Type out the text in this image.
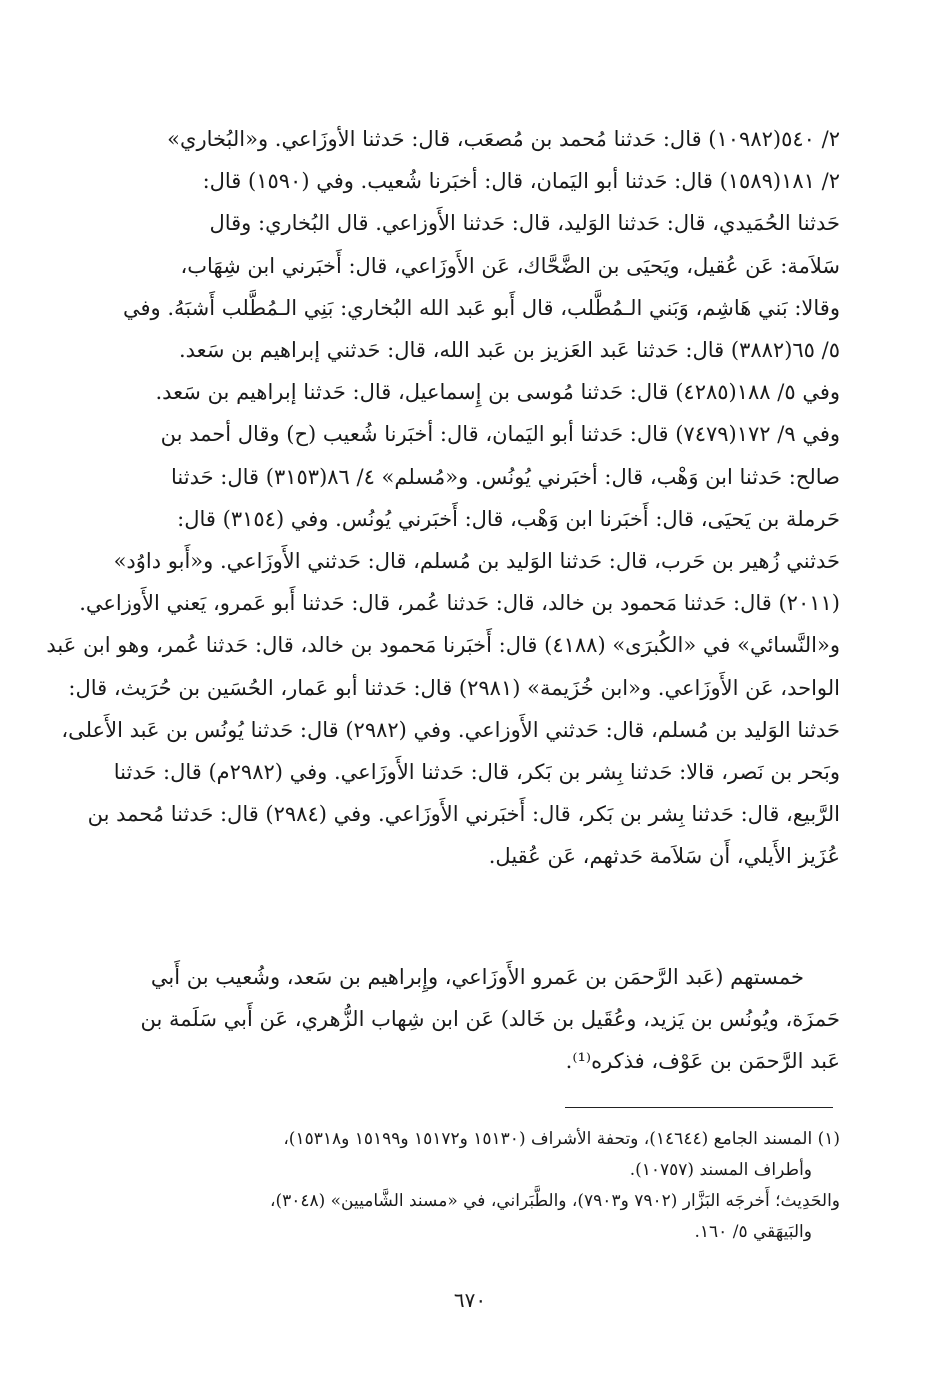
٢/ ٥٤٠(١٠٩٨٢) قال: حَدثنا مُحمد بن مُصعَب، قال: حَدثنا الأوزَاعي. و«البُخاري»
٢/ ١٨١(١٥٨٩) قال: حَدثنا أبو اليَمان، قال: أخبَرنا شُعيب. وفي (١٥٩٠) قال:
حَدثنا الحُمَيدي، قال: حَدثنا الوَليد، قال: حَدثنا الأَوزاعي. قال البُخاري: وقال
سَلاَمة: عَن عُقيل، ويَحيَى بن الضَّحَّاك، عَن الأَوزَاعي، قال: أَخبَرني ابن شِهَاب،
وقالا: بَني هَاشِم، وَبَني الـمُطَّلب، قال أَبو عَبد الله البُخاري: بَنِي الـمُطَّلب أَشبَهُ. وفي
٥/ ٦٥(٣٨٨٢) قال: حَدثنا عَبد العَزيز بن عَبد الله، قال: حَدثني إبراهيم بن سَعد.
وفي ٥/ ١٨٨(٤٢٨٥) قال: حَدثنا مُوسى بن إِسماعيل، قال: حَدثنا إبراهيم بن سَعد.
وفي ٩/ ١٧٢(٧٤٧٩) قال: حَدثنا أبو اليَمان، قال: أخبَرنا شُعيب (ح) وقال أحمد بن
صالح: حَدثنا ابن وَهْب، قال: أخبَرني يُونُس. و«مُسلم» ٤/ ٨٦(٣١٥٣) قال: حَدثنا
حَرملة بن يَحيَى، قال: أَخبَرنا ابن وَهْب، قال: أَخبَرني يُونُس. وفي (٣١٥٤) قال:
حَدثني زُهير بن حَرب، قال: حَدثنا الوَليد بن مُسلم، قال: حَدثني الأَوزَاعي. و«أَبو داوُد»
(٢٠١١) قال: حَدثنا مَحمود بن خالد، قال: حَدثنا عُمر، قال: حَدثنا أَبو عَمرو، يَعني الأَوزاعي.
و«النَّسائي» في «الكُبرَى» (٤١٨٨) قال: أَخبَرنا مَحمود بن خالد، قال: حَدثنا عُمر، وهو ابن عَبد
الواحد، عَن الأَوزَاعي. و«ابن خُزَيمة» (٢٩٨١) قال: حَدثنا أبو عَمار، الحُسَين بن حُرَيث، قال:
حَدثنا الوَليد بن مُسلم، قال: حَدثني الأَوزاعي. وفي (٢٩٨٢) قال: حَدثنا يُونُس بن عَبد الأَعلى،
وبَحر بن نَصر، قالا: حَدثنا بِشر بن بَكر، قال: حَدثنا الأَوزَاعي. وفي (٢٩٨٢م) قال: حَدثنا
الرَّبيع، قال: حَدثنا بِشر بن بَكر، قال: أَخبَرني الأَوزَاعي. وفي (٢٩٨٤) قال: حَدثنا مُحمد بن
عُزَيز الأَيلي، أَن سَلاَمة حَدثهم، عَن عُقيل.
خمستهم (عَبد الرَّحمَن بن عَمرو الأَوزَاعي، وإِبراهيم بن سَعد، وشُعيب بن أَبي
حَمزَة، ويُونُس بن يَزيد، وعُقَيل بن خَالد) عَن ابن شِهاب الزُّهري، عَن أَبي سَلَمة بن
عَبد الرَّحمَن بن عَوْف، فذكره⁽¹⁾.
(١) المسند الجامع (١٤٦٤٤)، وتحفة الأشراف (١٥١٣٠ و١٥١٧٢ و١٥١٩٩ و١٥٣١٨)،
وأطراف المسند (١٠٧٥٧).
والحَدِيث؛ أَخرجَه البَزَّار (٧٩٠٢ و٧٩٠٣)، والطَّبَراني، في «مسند الشَّاميين» (٣٠٤٨)،
والبَيهَقي ٥/ ١٦٠.
٦٧٠
